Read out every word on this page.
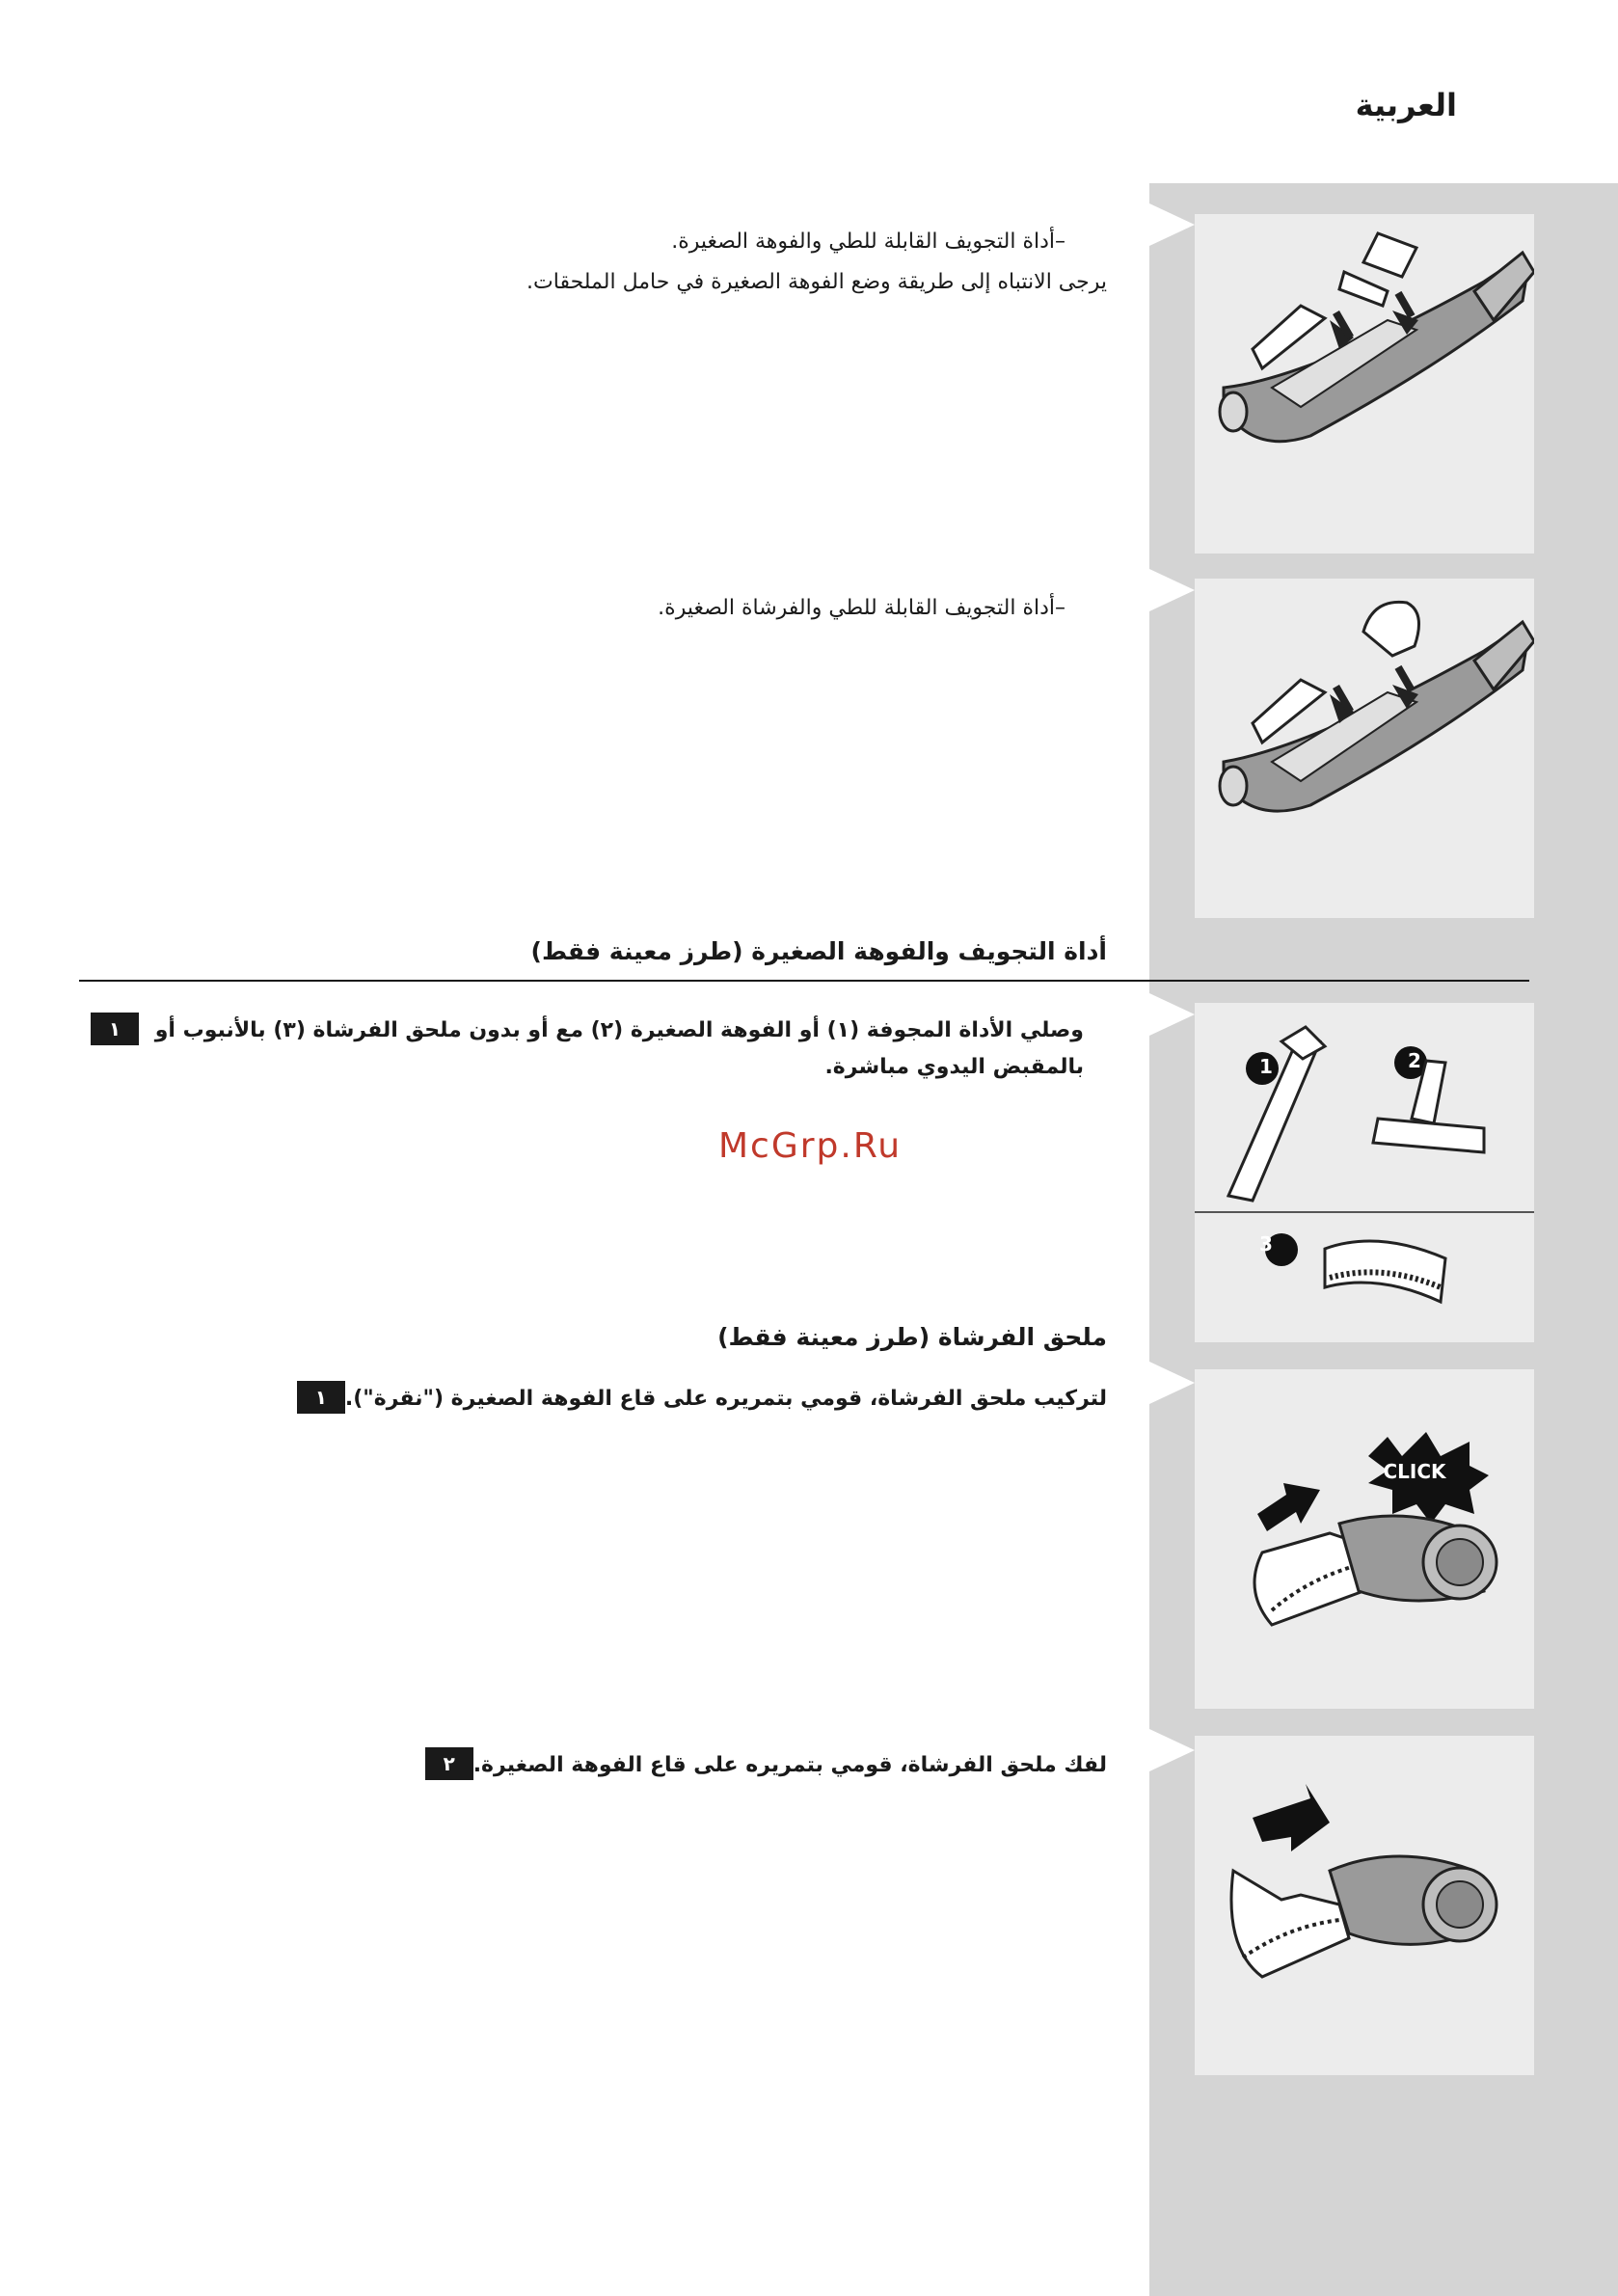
العربية
–أداة التجويف القابلة للطي والفوهة الصغيرة.
يرجى الانتباه إلى طريقة وضع الفوهة الصغيرة في حامل الملحقات.
–أداة التجويف القابلة للطي والفرشاة الصغيرة.
أداة التجويف والفوهة الصغيرة (طرز معينة فقط)
١ وصلي الأداة المجوفة (١) أو الفوهة الصغيرة (٢) مع أو بدون ملحق الفرشاة (٣) بالأنبوب أو بالمقبض اليدوي مباشرة.
McGrp.Ru
ملحق الفرشاة (طرز معينة فقط)
١ لتركيب ملحق الفرشاة، قومي بتمريره على قاع الفوهة الصغيرة ("نقرة").
٢ لفك ملحق الفرشاة، قومي بتمريره على قاع الفوهة الصغيرة.
3
1	2
CLICK
